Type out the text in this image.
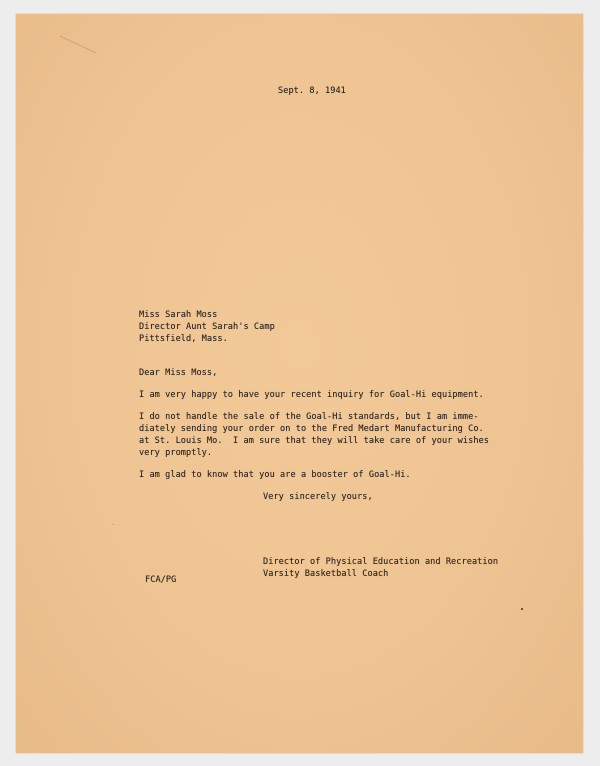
Sept. 8, 1941
Miss Sarah Moss
Director Aunt Sarah's Camp
Pittsfield, Mass.
Dear Miss Moss,
I am very happy to have your recent inquiry for Goal-Hi equipment.
I do not handle the sale of the Goal-Hi standards, but I am imme-
diately sending your order on to the Fred Medart Manufacturing Co.
at St. Louis Mo.  I am sure that they will take care of your wishes
very promptly.
I am glad to know that you are a booster of Goal-Hi.
Very sincerely yours,
Director of Physical Education and Recreation
Varsity Basketball Coach
FCA/PG
